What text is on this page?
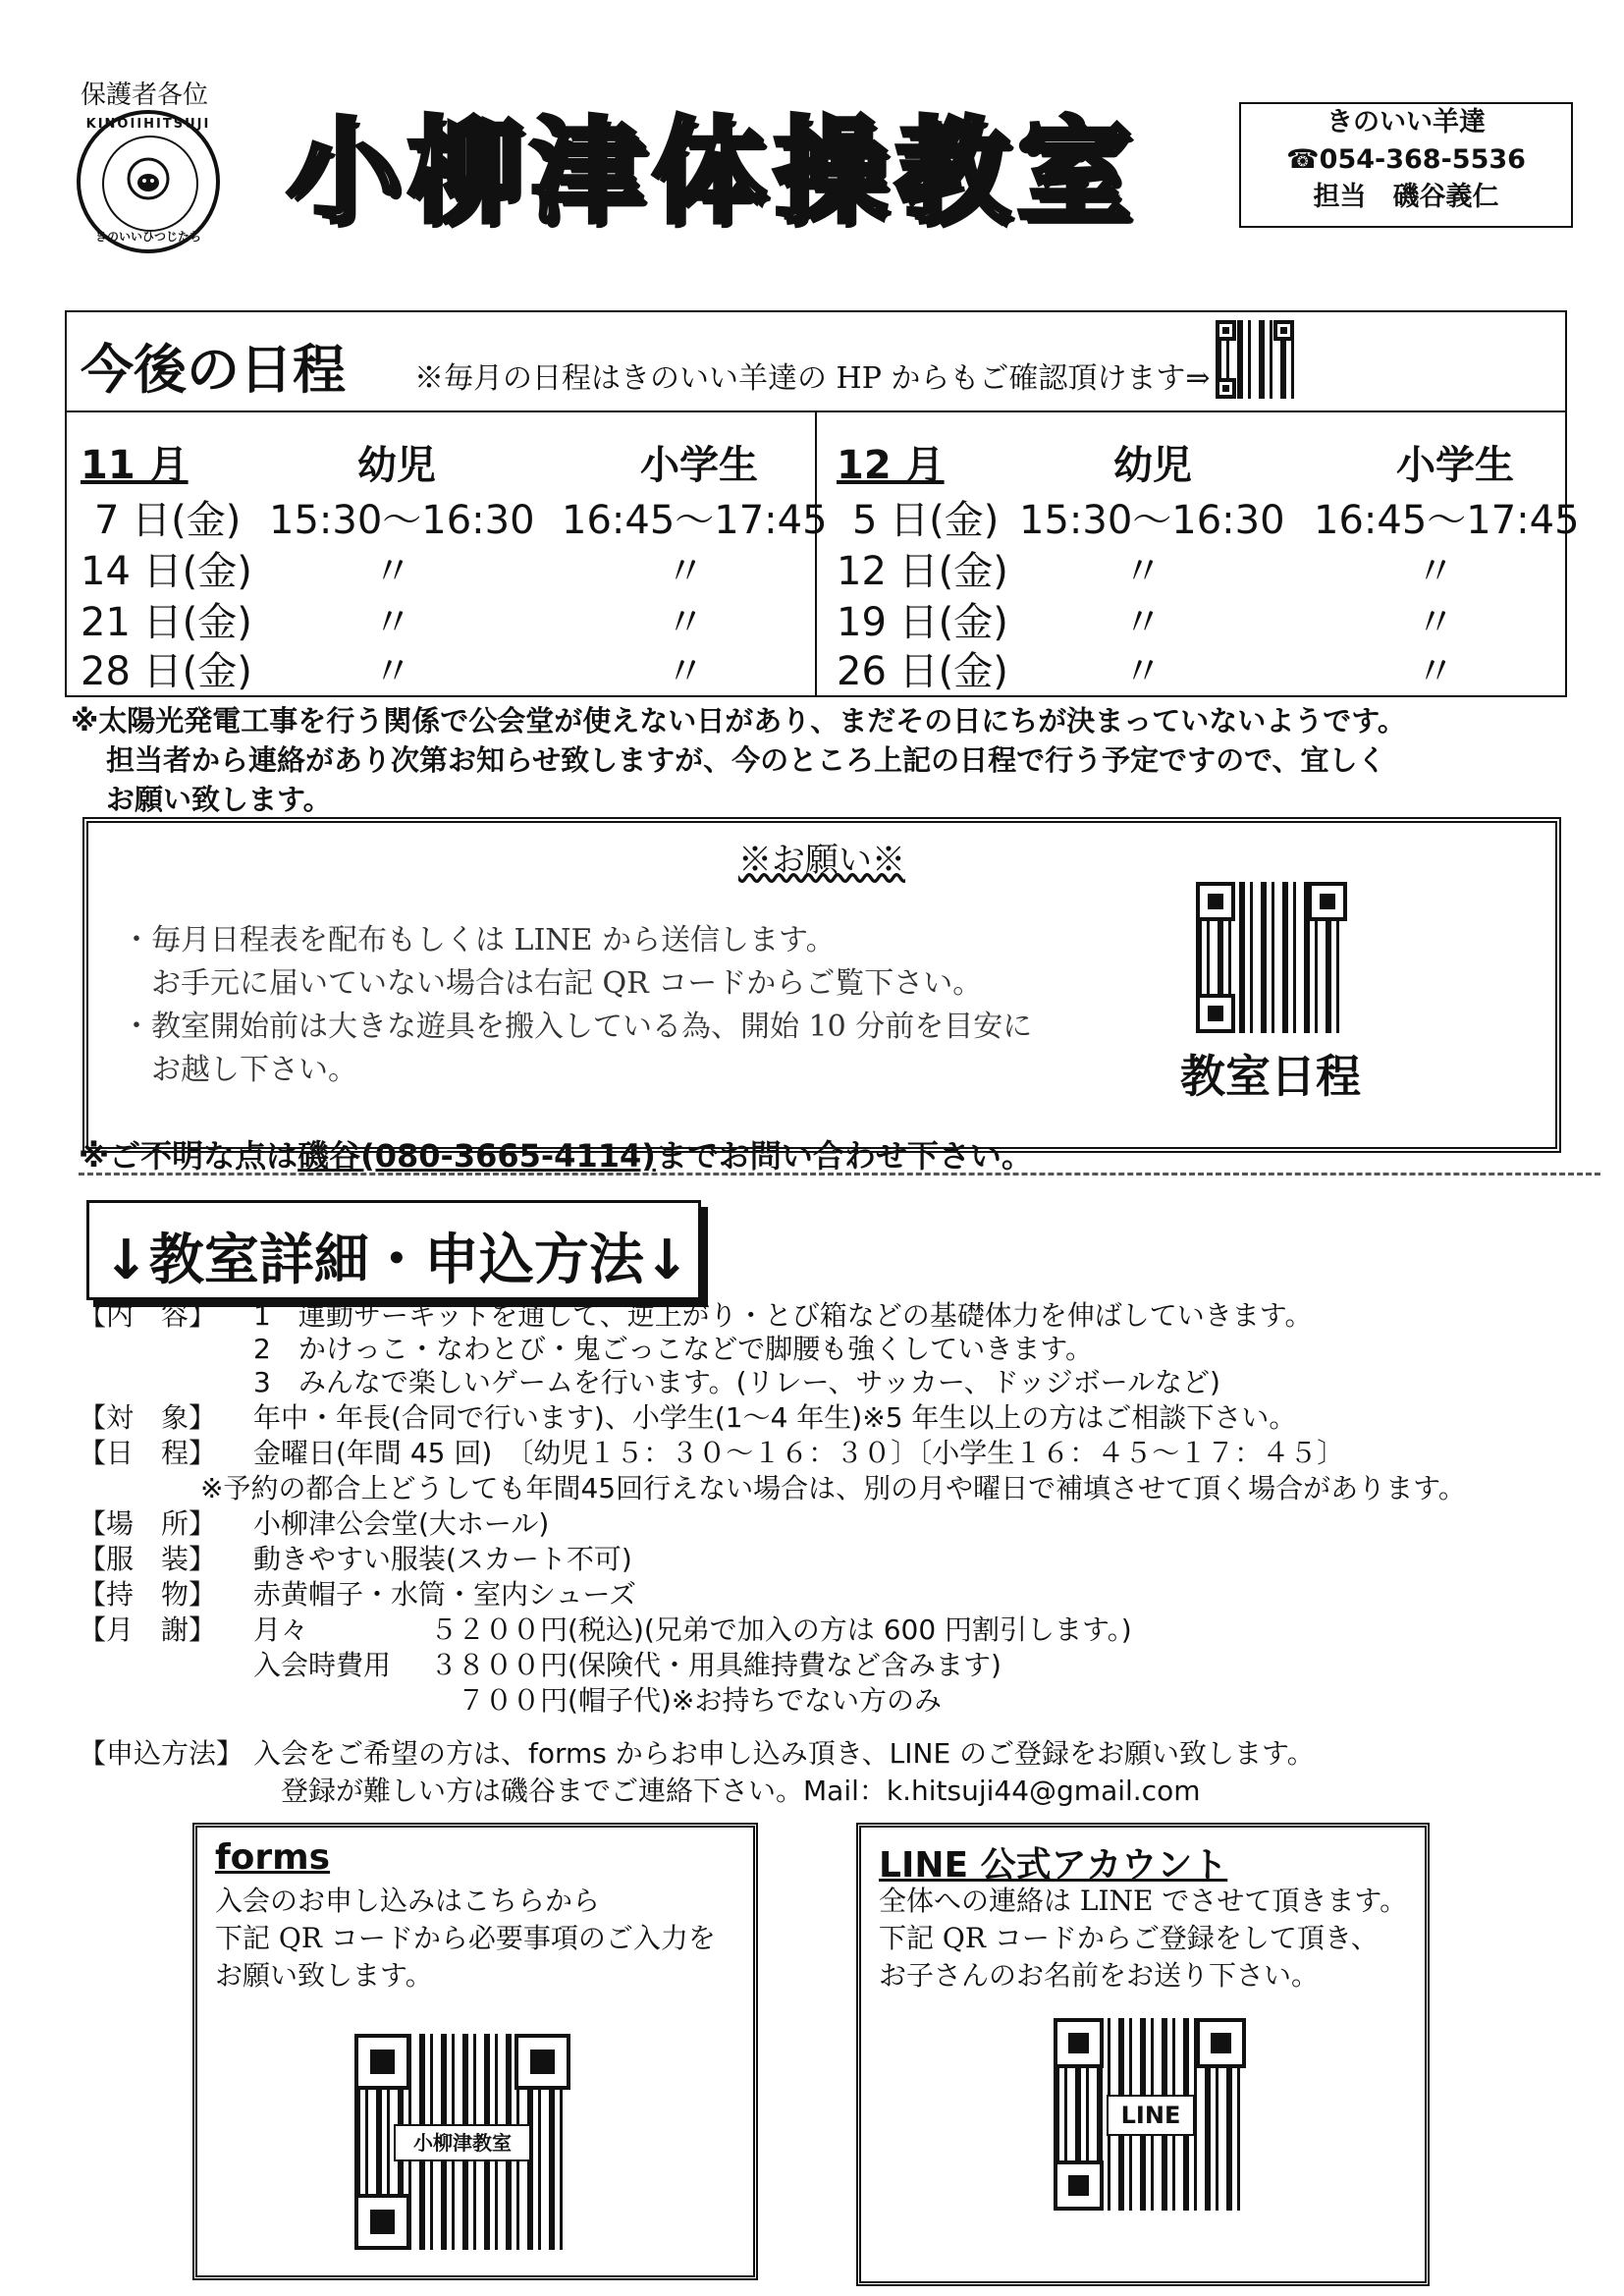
保護者各位
KINOIIHITSUJI
きのいいひつじたち 小柳津体操教室	きのいい羊達
☎054-368-5536
担当　磯谷義仁
今後の日程 ※毎月の日程はきのいい羊達の HP からもご確認頂けます⇒
11 月	幼児	小学生
7 日(金) 15:30～16:30 16:45～17:45
14 日(金)	〃	〃
21 日(金)	〃	〃
28 日(金)	〃	〃
12 月	幼児	小学生
5 日(金) 15:30～16:30 16:45～17:45
12 日(金)	〃	〃
19 日(金)	〃	〃
26 日(金)	〃	〃
※太陽光発電工事を行う関係で公会堂が使えない日があり、まだその日にちが決まっていないようです。
担当者から連絡があり次第お知らせ致しますが、今のところ上記の日程で行う予定ですので、宜しく
お願い致します。
※お願い※
・毎月日程表を配布もしくは LINE から送信します。
　お手元に届いていない場合は右記 QR コードからご覧下さい。
・教室開始前は大きな遊具を搬入している為、開始 10 分前を目安に
　お越し下さい。	教室日程
※ご不明な点は磯谷(080-3665-4114)までお問い合わせ下さい。
↓教室詳細・申込方法↓
【内　容】 1　運動サーキットを通して、逆上がり・とび箱などの基礎体力を伸ばしていきます。
2　かけっこ・なわとび・鬼ごっこなどで脚腰も強くしていきます。
3　みんなで楽しいゲームを行います。(リレー、サッカー、ドッジボールなど)
【対　象】 年中・年長(合同で行います)、小学生(1～4 年生)※5 年生以上の方はご相談下さい。
【日　程】 金曜日(年間 45 回)　〔幼児１５：３０～１６：３０〕〔小学生１６：４５～１７：４５〕
※予約の都合上どうしても年間45回行えない場合は、別の月や曜日で補填させて頂く場合があります。
【場　所】 小柳津公会堂(大ホール)
【服　装】 動きやすい服装(スカート不可)
【持　物】 赤黄帽子・水筒・室内シューズ
【月　謝】 月々	５２００円(税込)(兄弟で加入の方は 600 円割引します。)
入会時費用 ３８００円(保険代・用具維持費など含みます)
７００円(帽子代)※お持ちでない方のみ
【申込方法】 入会をご希望の方は、forms からお申し込み頂き、LINE のご登録をお願い致します。
登録が難しい方は磯谷までご連絡下さい。Mail：k.hitsuji44@gmail.com
forms
入会のお申し込みはこちらから
下記 QR コードから必要事項のご入力を
お願い致します。
小柳津教室
LINE 公式アカウント
全体への連絡は LINE でさせて頂きます。
下記 QR コードからご登録をして頂き、
お子さんのお名前をお送り下さい。
LINE
